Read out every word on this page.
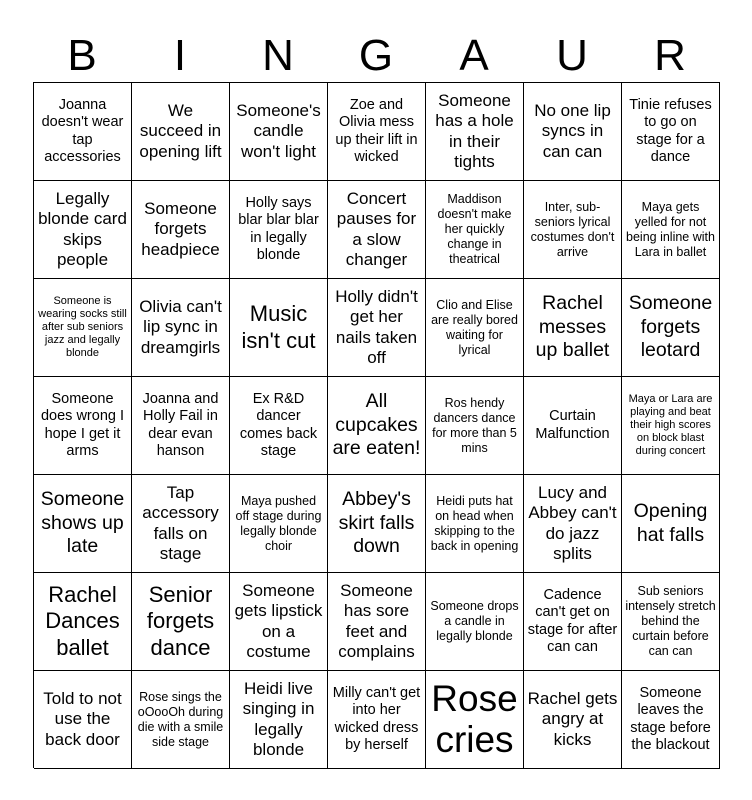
B	I	N	G	A	U	R
Joanna doesn't wear tap accessories
We succeed in opening lift
Someone's candle won't light
Zoe and Olivia mess up their lift in wicked
Someone has a hole in their tights
No one lip syncs in can can
Tinie refuses to go on stage for a dance
Legally blonde card skips people
Someone forgets headpiece
Holly says blar blar blar in legally blonde
Concert pauses for a slow changer
Maddison doesn't make her quickly change in theatrical
Inter, sub-seniors lyrical costumes don't arrive
Maya gets yelled for not being inline with Lara in ballet
Someone is wearing socks still after sub seniors jazz and legally blonde
Olivia can't lip sync in dreamgirls
Music isn't cut
Holly didn't get her nails taken off
Clio and Elise are really bored waiting for lyrical
Rachel messes up ballet
Someone forgets leotard
Someone does wrong I hope I get it arms
Joanna and Holly Fail in dear evan hanson
Ex R&D dancer comes back stage
All cupcakes are eaten!
Ros hendy dancers dance for more than 5 mins
Curtain Malfunction
Maya or Lara are playing and beat their high scores on block blast during concert
Someone shows up late
Tap accessory falls on stage
Maya pushed off stage during legally blonde choir
Abbey's skirt falls down
Heidi puts hat on head when skipping to the back in opening
Lucy and Abbey can't do jazz splits
Opening hat falls
Rachel Dances ballet
Senior forgets dance
Someone gets lipstick on a costume
Someone has sore feet and complains
Someone drops a candle in legally blonde
Cadence can't get on stage for after can can
Sub seniors intensely stretch behind the curtain before can can
Told to not use the back door
Rose sings the oOooOh during die with a smile side stage
Heidi live singing in legally blonde
Milly can't get into her wicked dress by herself
Rose cries
Rachel gets angry at kicks
Someone leaves the stage before the blackout
